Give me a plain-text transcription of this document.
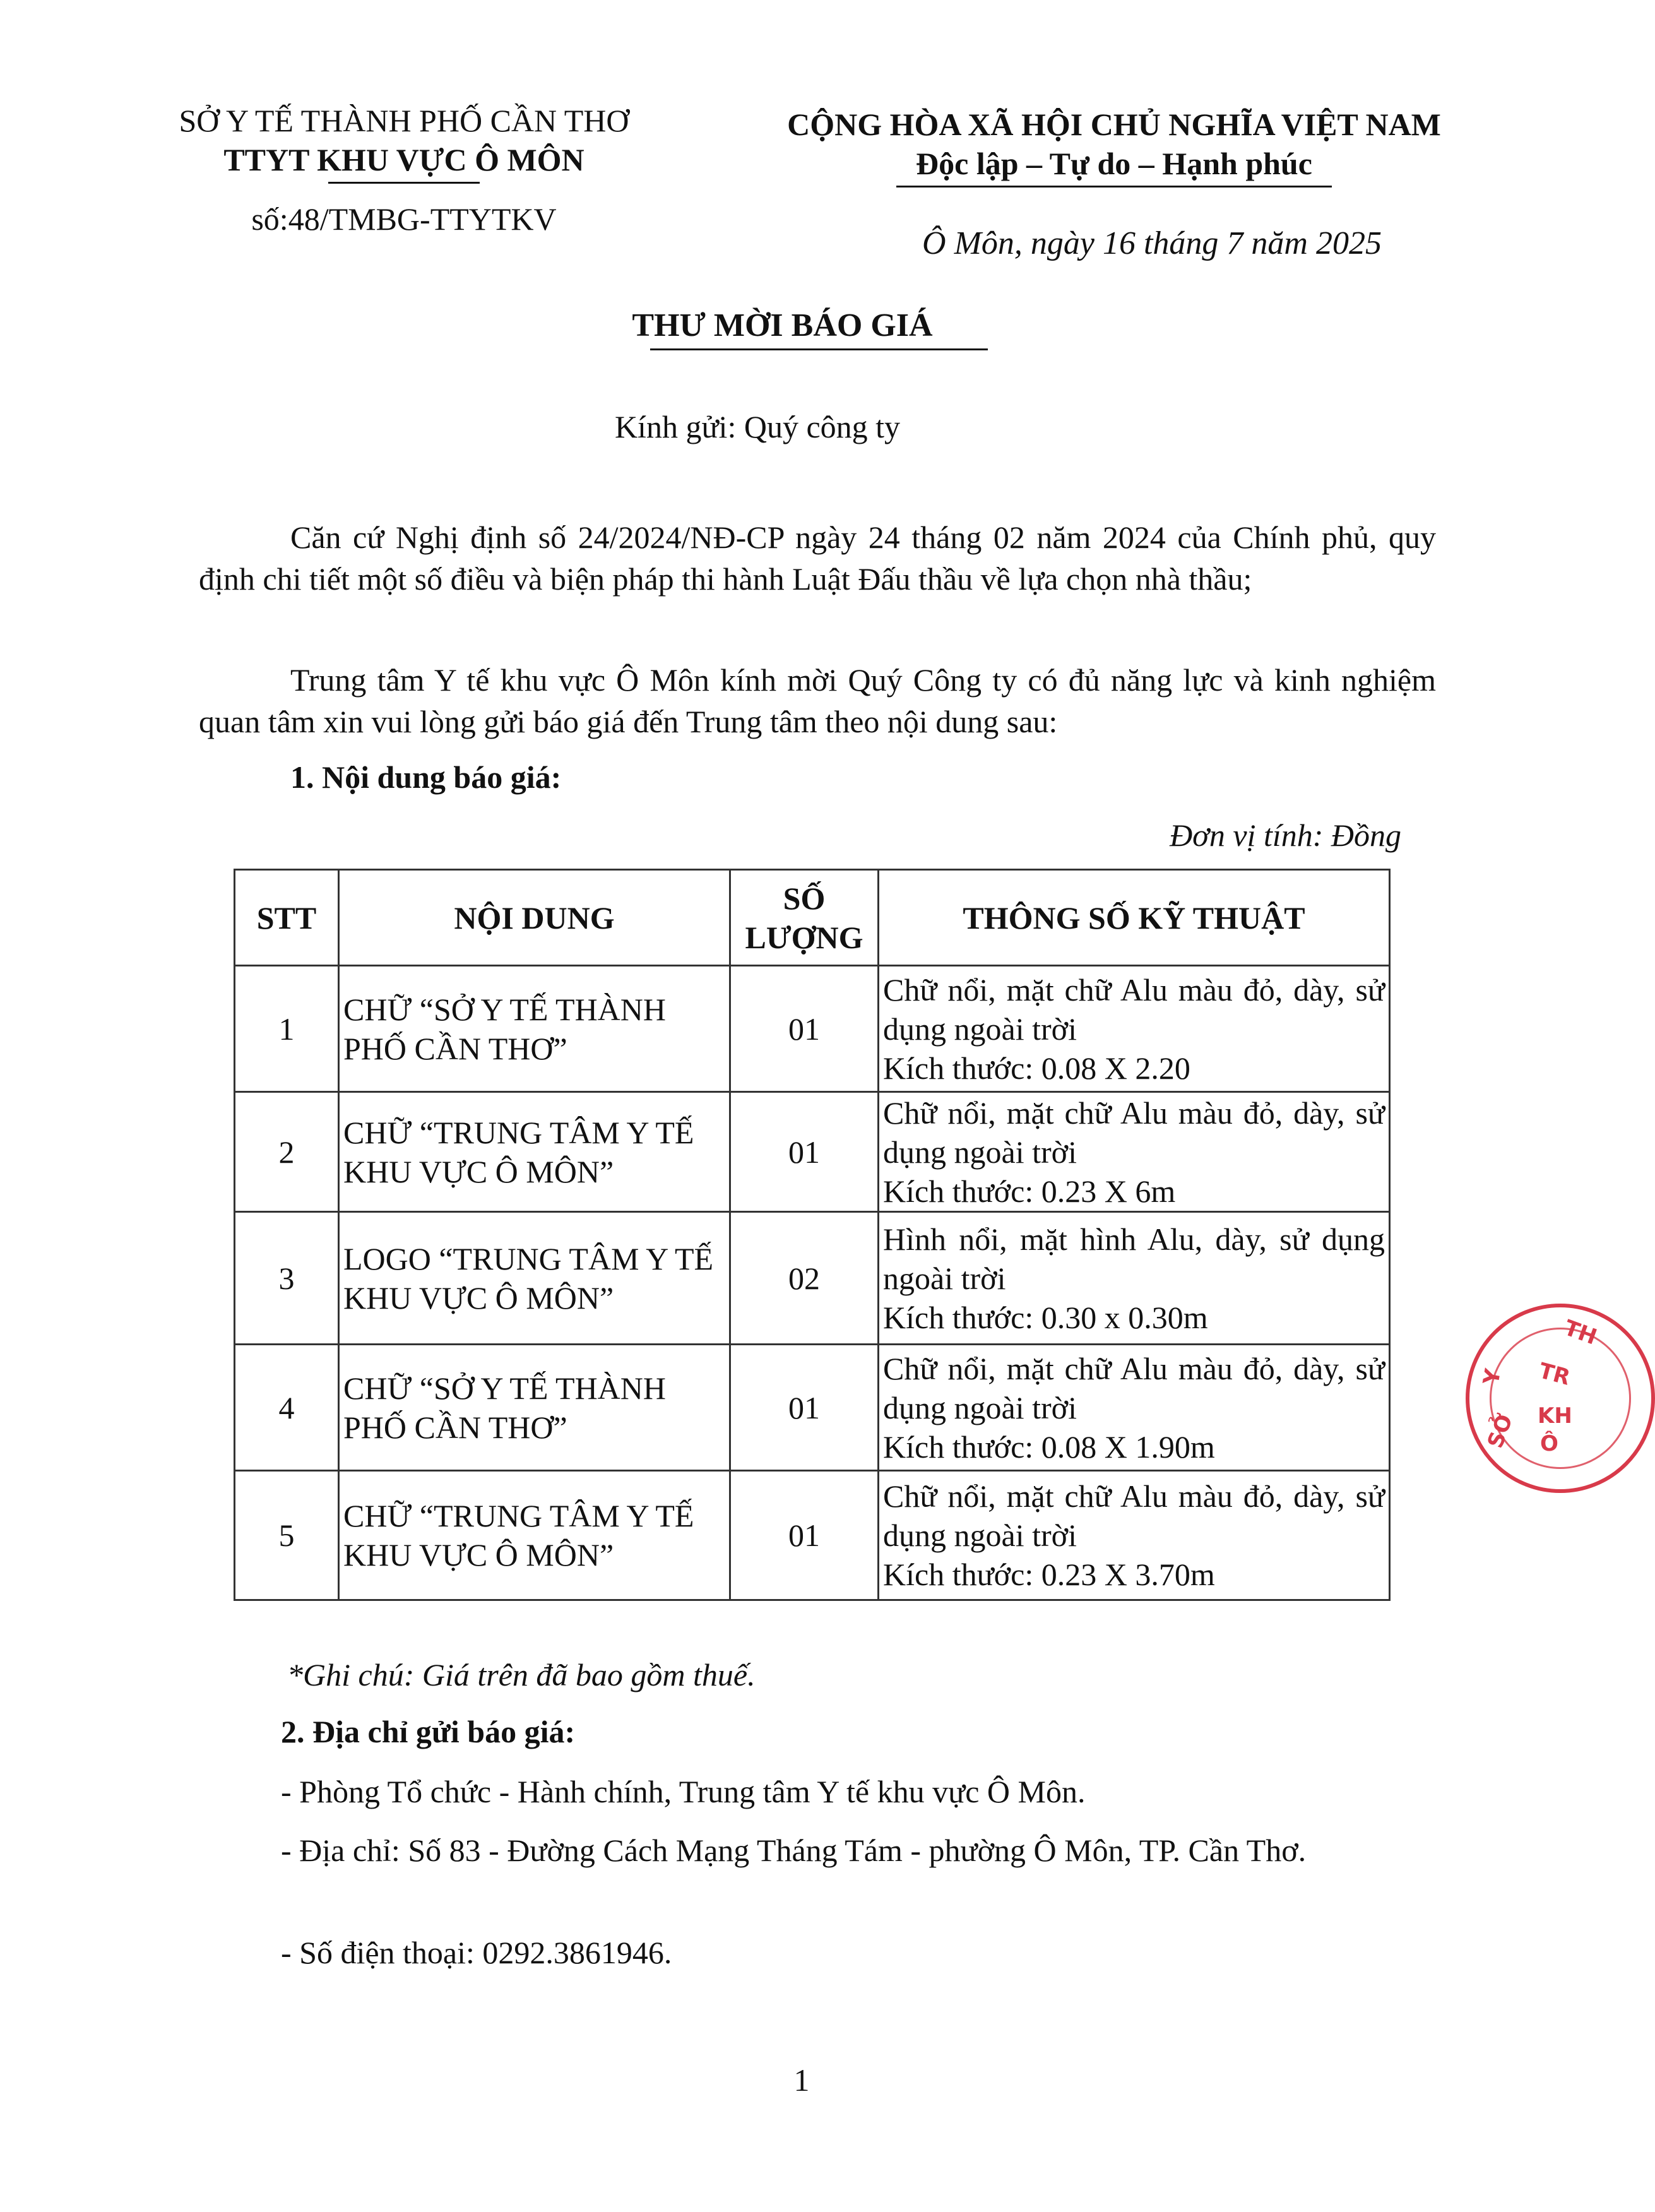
SỞ Y TẾ THÀNH PHỐ CẦN THƠ
TTYT KHU VỰC Ô MÔN
số:48/TMBG-TTYTKV
CỘNG HÒA XÃ HỘI CHỦ NGHĨA VIỆT NAM
Độc lập – Tự do – Hạnh phúc
Ô Môn, ngày 16 tháng 7 năm 2025
THƯ MỜI BÁO GIÁ
Kính gửi: Quý công ty
Căn cứ Nghị định số 24/2024/NĐ-CP ngày 24 tháng 02 năm 2024 của Chính phủ, quy định chi tiết một số điều và biện pháp thi hành Luật Đấu thầu về lựa chọn nhà thầu;
Trung tâm Y tế khu vực Ô Môn kính mời Quý Công ty có đủ năng lực và kinh nghiệm quan tâm xin vui lòng gửi báo giá đến Trung tâm theo nội dung sau:
1. Nội dung báo giá:
Đơn vị tính: Đồng
STT	NỘI DUNG	SỐ LƯỢNG	THÔNG SỐ KỸ THUẬT
1	CHỮ “SỞ Y TẾ THÀNH PHỐ CẦN THƠ”	01	Chữ nổi, mặt chữ Alu màu đỏ, dày, sử dụng ngoài trời
Kích thước: 0.08 X 2.20

2	CHỮ “TRUNG TÂM Y TẾ KHU VỰC Ô MÔN”	01	Chữ nổi, mặt chữ Alu màu đỏ, dày, sử dụng ngoài trời
Kích thước: 0.23 X 6m

3	LOGO “TRUNG TÂM Y TẾ KHU VỰC Ô MÔN”	02	Hình nổi, mặt hình Alu, dày, sử dụng ngoài trời
Kích thước: 0.30 x 0.30m

4	CHỮ “SỞ Y TẾ THÀNH PHỐ CẦN THƠ”	01	Chữ nổi, mặt chữ Alu màu đỏ, dày, sử dụng ngoài trời
Kích thước: 0.08 X 1.90m

5	CHỮ “TRUNG TÂM Y TẾ KHU VỰC Ô MÔN”	01	Chữ nổi, mặt chữ Alu màu đỏ, dày, sử dụng ngoài trời
Kích thước: 0.23 X 3.70m
*Ghi chú: Giá trên đã bao gồm thuế.
2. Địa chỉ gửi báo giá:
- Phòng Tổ chức - Hành chính, Trung tâm Y tế khu vực Ô Môn.
- Địa chỉ: Số 83 - Đường Cách Mạng Tháng Tám - phường Ô Môn, TP. Cần Thơ.
- Số điện thoại: 0292.3861946.
1
TH
TR
KH
Ô
SỞ
Y
